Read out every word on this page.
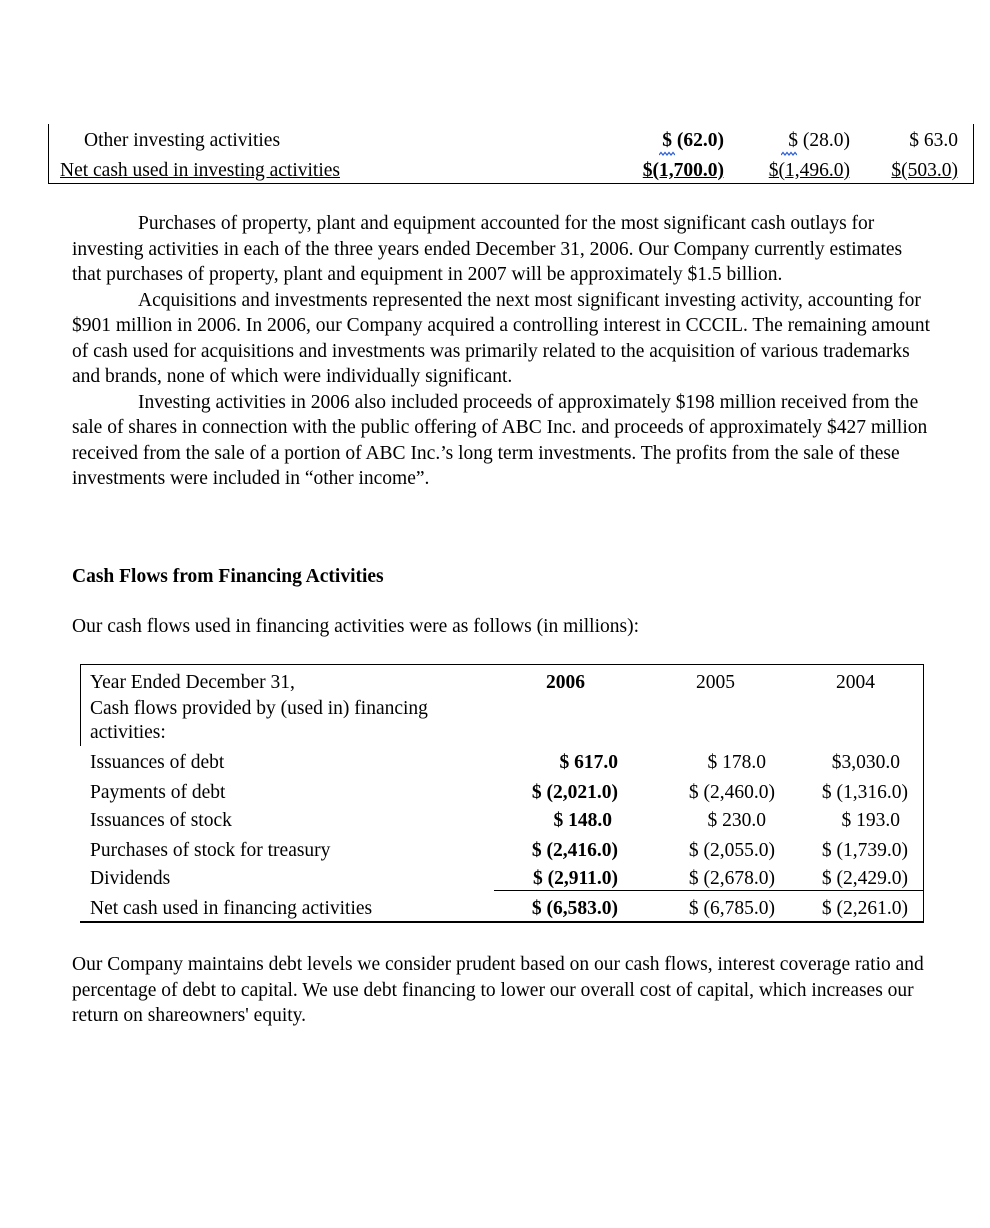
Other investing activities	$ (62.0)	$ (28.0)	$ 63.0
Net cash used in investing activities	$(1,700.0) $(1,496.0) $(503.0)

Purchases of property, plant and equipment accounted for the most significant cash outlays for investing activities in each of the three years ended December 31, 2006. Our Company currently estimates that purchases of property, plant and equipment in 2007 will be approximately $1.5 billion.

Acquisitions and investments represented the next most significant investing activity, accounting for $901 million in 2006. In 2006, our Company acquired a controlling interest in CCCIL. The remaining amount of cash used for acquisitions and investments was primarily related to the acquisition of various trademarks and brands, none of which were individually significant.

Investing activities in 2006 also included proceeds of approximately $198 million received from the sale of shares in connection with the public offering of ABC Inc. and proceeds of approximately $427 million received from the sale of a portion of ABC Inc.’s long term investments. The profits from the sale of these investments were included in “other income”.

Cash Flows from Financing Activities
Our cash flows used in financing activities were as follows (in millions):
Year Ended December 31,
Cash flows provided by (used in) financing
activities:
2006	2005	2004
Issuances of debt	$ 617.0	$ 178.0	$3,030.0
Payments of debt	$ (2,021.0)	$ (2,460.0) $ (1,316.0)
Issuances of stock	$ 148.0	$ 230.0	$ 193.0
Purchases of stock for treasury	$ (2,416.0)	$ (2,055.0) $ (1,739.0)
Dividends	$ (2,911.0)	$ (2,678.0) $ (2,429.0)
Net cash used in financing activities	$ (6,583.0)	$ (6,785.0) $ (2,261.0)
Our Company maintains debt levels we consider prudent based on our cash flows, interest coverage ratio and percentage of debt to capital. We use debt financing to lower our overall cost of capital, which increases our return on shareowners' equity.
